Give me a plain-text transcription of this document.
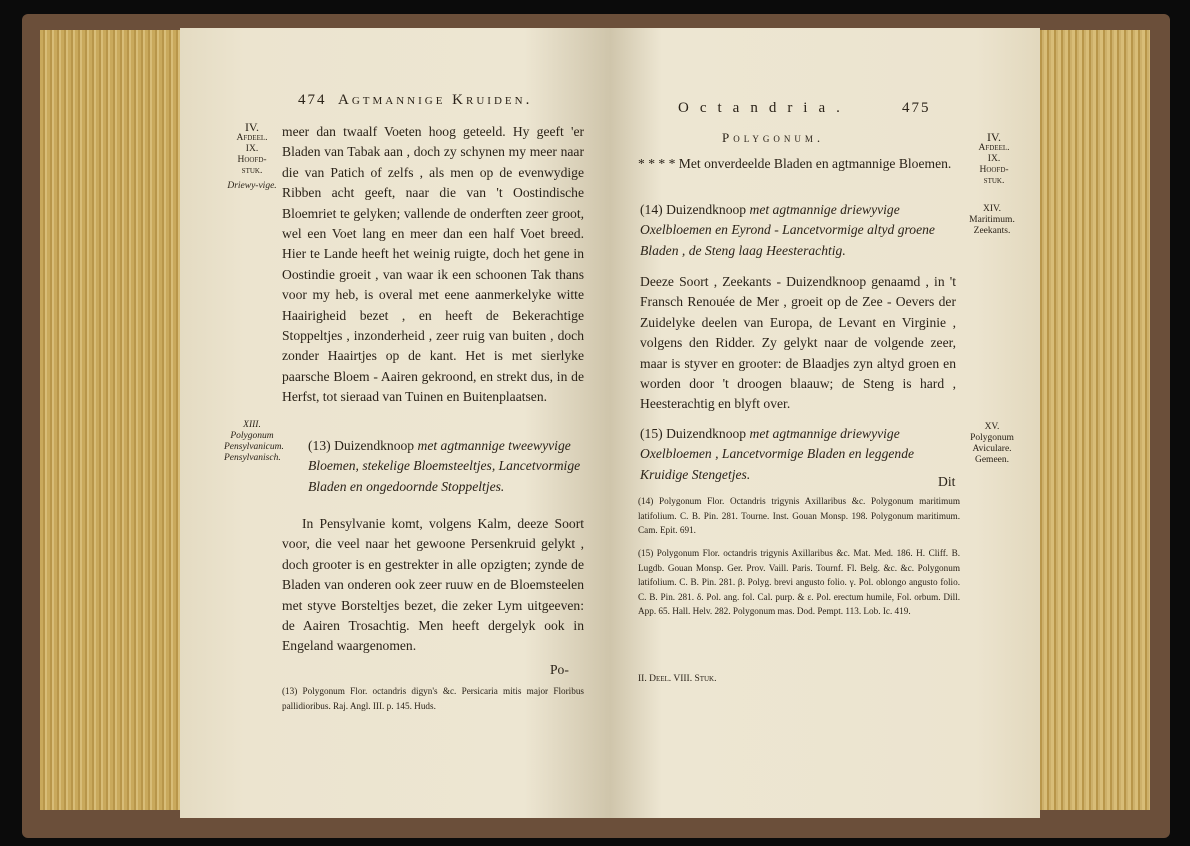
474 Agtmannige Kruiden.
IV.
Afdeel.
IX.
Hoofd-
stuk.
Driewy-vige.

meer dan twaalf Voeten hoog geteeld. Hy geeft 'er Bladen van Tabak aan , doch zy schynen my meer naar die van Patich of zelfs , als men op de evenwydige Ribben acht geeft, naar die van 't Oostindische Bloemriet te gelyken; vallende de onderften zeer groot, wel een Voet lang en meer dan een half Voet breed. Hier te Lande heeft het weinig ruigte, doch het gene in Oostindie groeit , van waar ik een schoonen Tak thans voor my heb, is overal met eene aanmerkelyke witte Haairigheid bezet , en heeft de Bekerachtige Stoppeltjes , inzonderheid , zeer ruig van buiten , doch zonder Haairtjes op de kant. Het is met sierlyke paarsche Bloem - Aairen gekroond, en strekt dus, in de Herfst, tot sieraad van Tuinen en Buitenplaatsen.

XIII. Polygonum Pensylvanicum. Pensylvanisch.
(13) Duizendknoop met agtmannige tweewyvige Bloemen, stekelige Bloemsteeltjes, Lancetvormige Bladen en ongedoornde Stoppeltjes.

In Pensylvanie komt, volgens Kalm, deeze Soort voor, die veel naar het gewoone Persenkruid gelykt , doch grooter is en gestrekter in alle opzigten; zynde de Bladen van onderen ook zeer ruuw en de Bloemsteelen met styve Borsteltjes bezet, die zeker Lym uitgeeven: de Aairen Trosachtig. Men heeft dergelyk ook in Engeland waargenomen.

Po-

(13) Polygonum Flor. octandris digyn's &c. Persicaria mitis major Floribus pallidioribus. Raj. Angl. III. p. 145. Huds.

Octandria.	475
Polygonum.	IV.
Afdeel.
IX.
Hoofd-
stuk.
* * * * Met onverdeelde Bladen en agtmannige Bloemen.
(14) Duizendknoop met agtmannige driewyvige Oxelbloemen en Eyrond - Lancetvormige altyd groene Bladen , de Steng laag Heesterachtig.
XIV. Maritimum. Zeekants.

Deeze Soort , Zeekants - Duizendknoop genaamd , in 't Fransch Renouée de Mer , groeit op de Zee - Oevers der Zuidelyke deelen van Europa, de Levant en Virginie , volgens den Ridder. Zy gelykt naar de volgende zeer, maar is styver en grooter: de Blaadjes zyn altyd groen en worden door 't droogen blaauw; de Steng is hard , Heesterachtig en blyft over.

(15) Duizendknoop met agtmannige driewyvige Oxelbloemen , Lancetvormige Bladen en leggende Kruidige Stengetjes.
XV. Polygonum Aviculare. Gemeen.
Dit

(14) Polygonum Flor. Octandris trigynis Axillaribus &c. Polygonum maritimum latifolium. C. B. Pin. 281. Tourne. Inst. Gouan Monsp. 198. Polygonum maritimum. Cam. Epit. 691.

(15) Polygonum Flor. octandris trigynis Axillaribus &c. Mat. Med. 186. H. Cliff. B. Lugdb. Gouan Monsp. Ger. Prov. Vaill. Paris. Tournf. Fl. Belg. &c. &c. Polygonum latifolium. C. B. Pin. 281. β. Polyg. brevi angusto folio. γ. Pol. oblongo angusto folio. C. B. Pin. 281. δ. Pol. ang. fol. Cal. purp. & ε. Pol. erectum humile, Fol. orbum. Dill. App. 65. Hall. Helv. 282. Polygonum mas. Dod. Pempt. 113. Lob. Ic. 419.

II. Deel. VIII. Stuk.
